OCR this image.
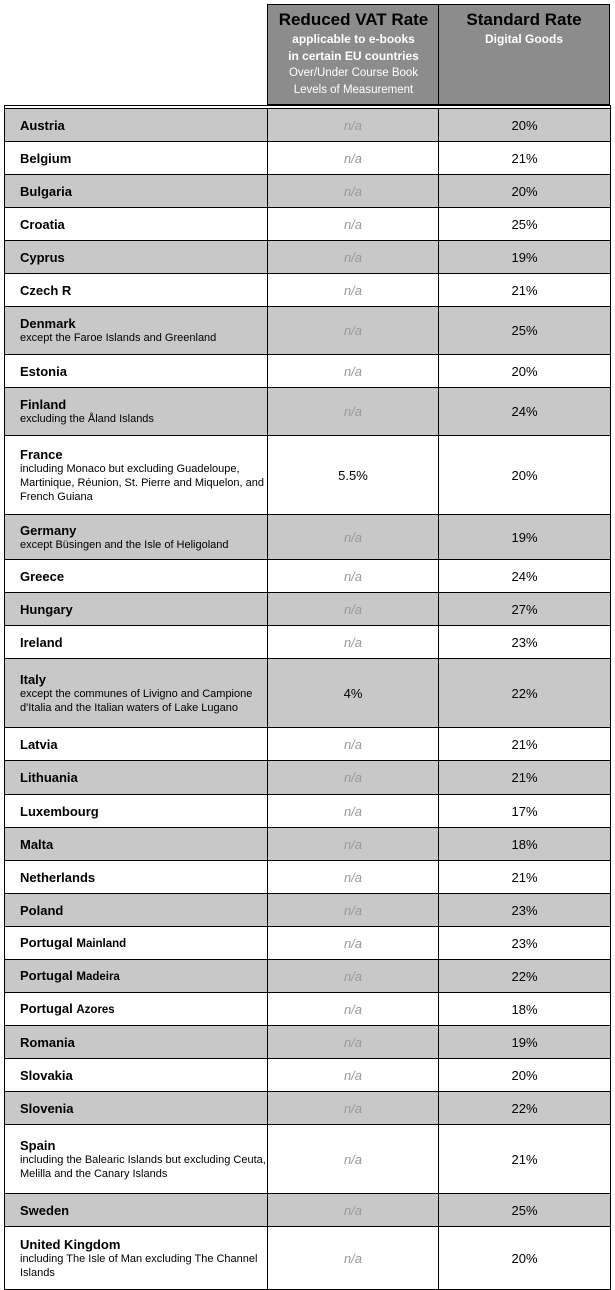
Reduced VAT Rate
applicable to e-books
in certain EU countries
Over/Under Course Book
Levels of Measurement
Standard Rate
Digital Goods

Austria	n/a	20%

Belgium	n/a	21%

Bulgaria	n/a	20%

Croatia	n/a	25%

Cyprus	n/a	19%

Czech R	n/a	21%

Denmark
except the Faroe Islands and Greenland	n/a	25%

Estonia	n/a	20%

Finland
excluding the Åland Islands	n/a	24%

France
including Monaco but excluding Guadeloupe, Martinique, Réunion, St. Pierre and Miquelon, and French Guiana	5.5%	20%

Germany
except Büsingen and the Isle of Heligoland	n/a	19%

Greece	n/a	24%

Hungary	n/a	27%

Ireland	n/a	23%

Italy
except the communes of Livigno and Campione d'Italia and the Italian waters of Lake Lugano	4%	22%

Latvia	n/a	21%

Lithuania	n/a	21%

Luxembourg	n/a	17%

Malta	n/a	18%

Netherlands	n/a	21%

Poland	n/a	23%

Portugal Mainland	n/a	23%

Portugal Madeira	n/a	22%

Portugal Azores	n/a	18%

Romania	n/a	19%

Slovakia	n/a	20%

Slovenia	n/a	22%

Spain
including the Balearic Islands but excluding Ceuta, Melilla and the Canary Islands	n/a	21%

Sweden	n/a	25%

United Kingdom
including The Isle of Man excluding The Channel Islands	n/a	20%
